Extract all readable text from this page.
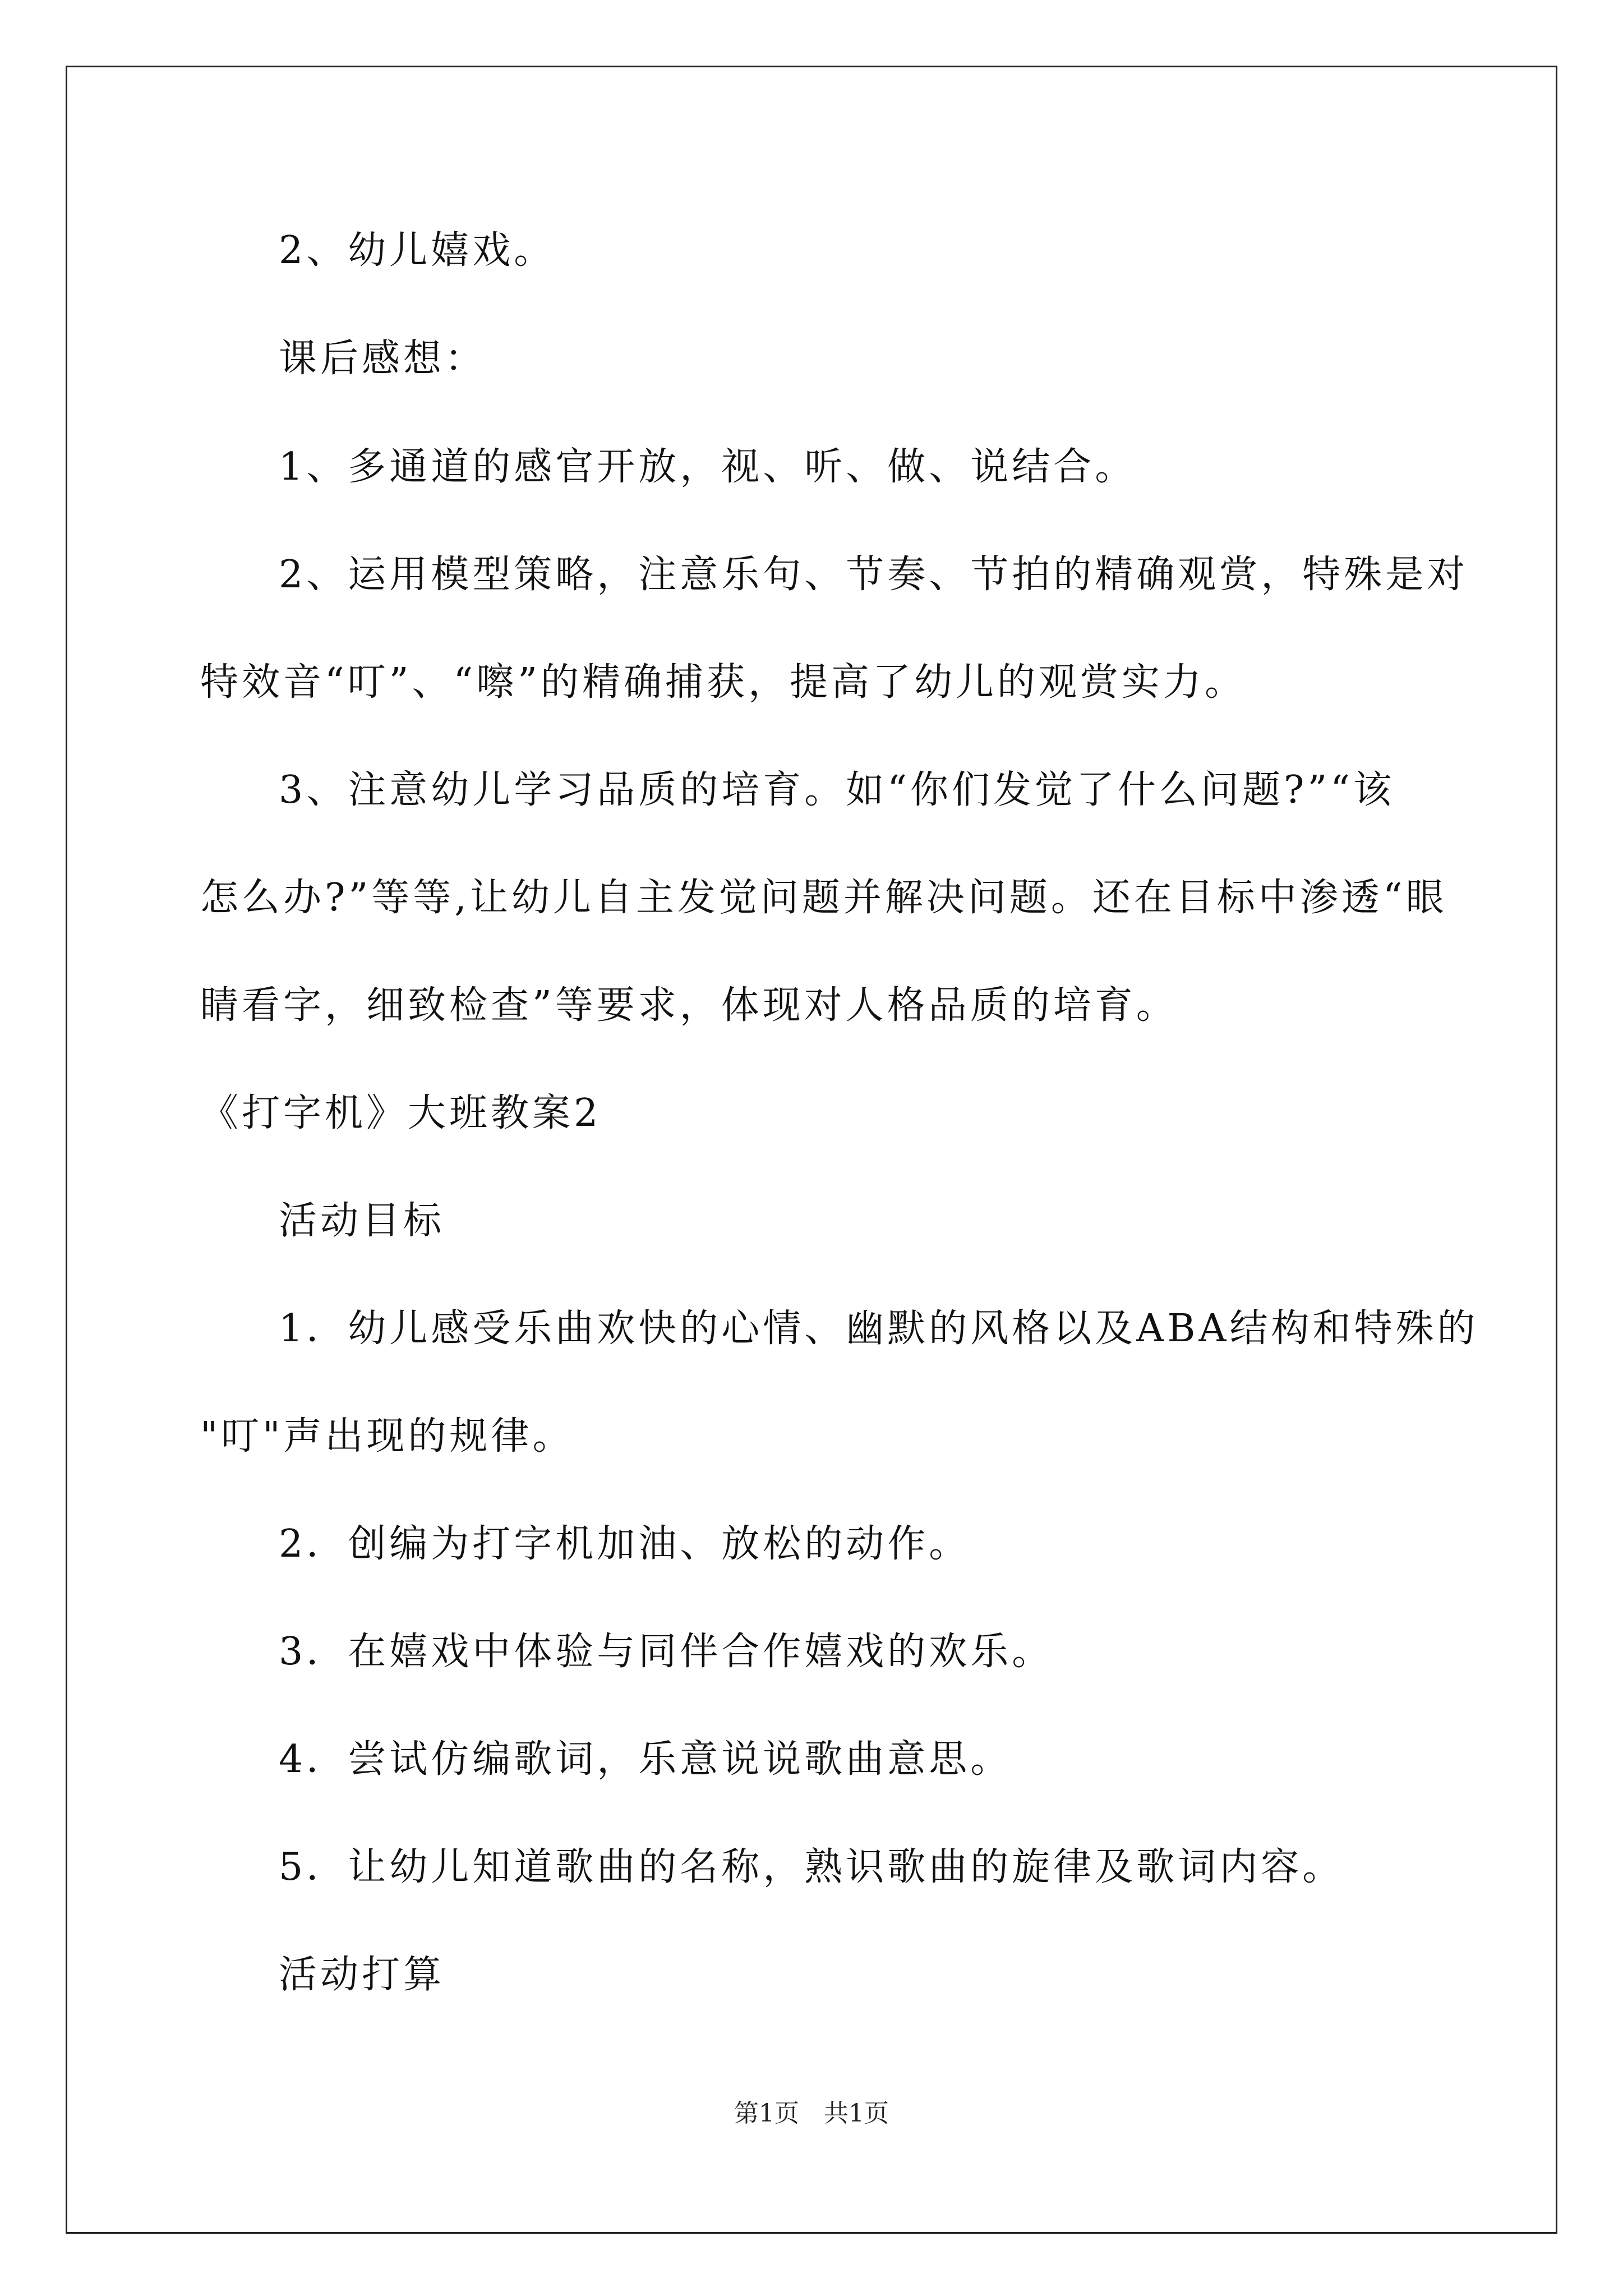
2、幼儿嬉戏。
课后感想：
1、多通道的感官开放，视、听、做、说结合。
2、运用模型策略，注意乐句、节奏、节拍的精确观赏，特殊是对
特效音“叮”、“嚓”的精确捕获，提高了幼儿的观赏实力。
3、注意幼儿学习品质的培育。如“你们发觉了什么问题?”“该
怎么办?”等等,让幼儿自主发觉问题并解决问题。还在目标中渗透“眼
睛看字，细致检查”等要求，体现对人格品质的培育。
《打字机》大班教案2
活动目标
1．幼儿感受乐曲欢快的心情、幽默的风格以及ABA结构和特殊的
"叮"声出现的规律。
2．创编为打字机加油、放松的动作。
3．在嬉戏中体验与同伴合作嬉戏的欢乐。
4．尝试仿编歌词，乐意说说歌曲意思。
5．让幼儿知道歌曲的名称，熟识歌曲的旋律及歌词内容。
活动打算
第1页　共1页
